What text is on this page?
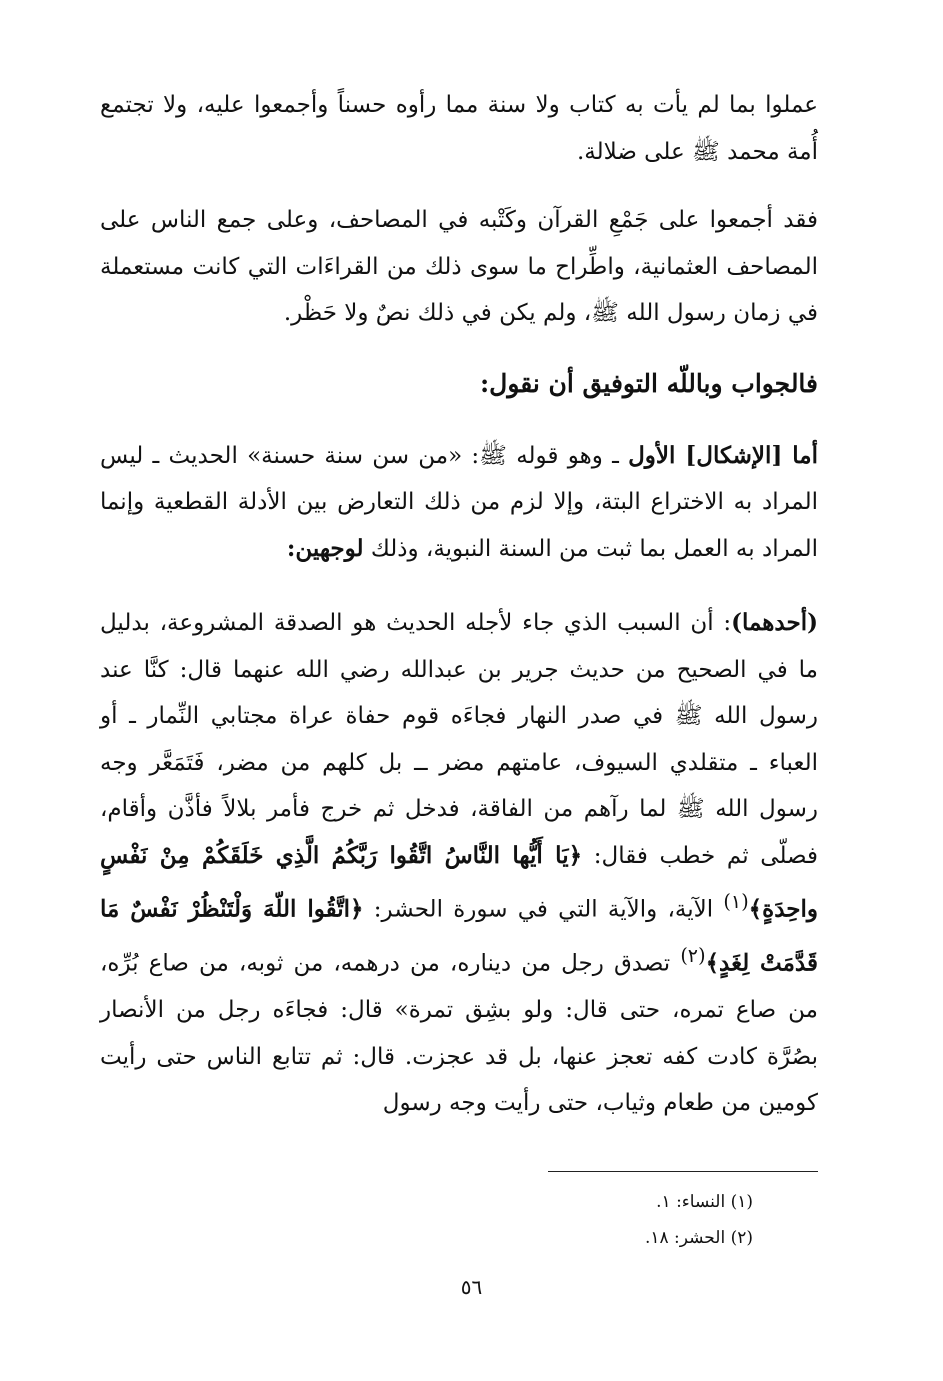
عملوا بما لم يأت به كتاب ولا سنة مما رأوه حسناً وأجمعوا عليه، ولا تجتمع أُمة محمد ﷺ على ضلالة.

فقد أجمعوا على جَمْعِ القرآن وكَتْبه في المصاحف، وعلى جمع الناس على المصاحف العثمانية، واطِّراح ما سوى ذلك من القراءَات التي كانت مستعملة في زمان رسول الله ﷺ، ولم يكن في ذلك نصٌ ولا حَظْر.

فالجواب وباللّه التوفيق أن نقول:

أما [الإشكال] الأول ـ وهو قوله ﷺ: «من سن سنة حسنة» الحديث ـ ليس المراد به الاختراع البتة، وإلا لزم من ذلك التعارض بين الأدلة القطعية وإنما المراد به العمل بما ثبت من السنة النبوية، وذلك لوجهين:

(أحدهما): أن السبب الذي جاء لأجله الحديث هو الصدقة المشروعة، بدليل ما في الصحيح من حديث جرير بن عبدالله رضي الله عنهما قال: كنَّا عند رسول الله ﷺ في صدر النهار فجاءَه قوم حفاة عراة مجتابي النِّمار ـ أو العباء ـ متقلدي السيوف، عامتهم مضر ــ بل كلهم من مضر، فَتَمَعَّر وجه رسول الله ﷺ لما رآهم من الفاقة، فدخل ثم خرج فأمر بلالاً فأذَّن وأقام، فصلّى ثم خطب فقال: ﴿يَا أَيُّها النَّاسُ اتَّقُوا رَبَّكُمُ الَّذِي خَلَقَكُمْ مِنْ نَفْسٍ واحِدَةٍ﴾$^{(١)}$ الآية، والآية التي في سورة الحشر: ﴿اتَّقُوا اللّهَ وَلْتَنْظُرْ نَفْسٌ مَا قَدَّمَتْ لِغَدٍ﴾$^{(٢)}$ تصدق رجل من ديناره، من درهمه، من ثوبه، من صاع بُرِّه، من صاع تمره، حتى قال: ولو بشِق تمرة» قال: فجاءَه رجل من الأنصار بصُرَّة كادت كفه تعجز عنها، بل قد عجزت. قال: ثم تتابع الناس حتى رأيت كومين من طعام وثياب، حتى رأيت وجه رسول

(١) النساء: ١.
(٢) الحشر: ١٨.
٥٦
